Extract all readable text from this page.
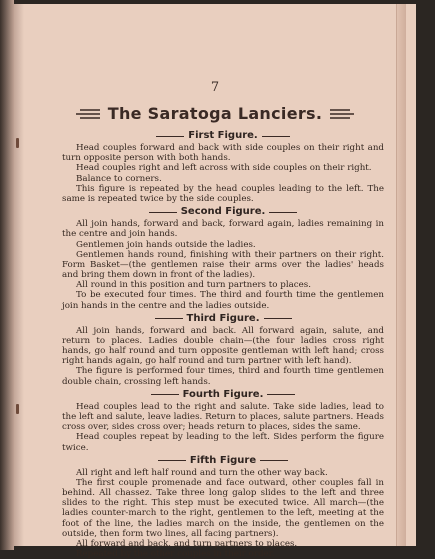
7
The Saratoga Lanciers.
First Figure.

Head couples forward and back with side couples on their right and turn opposite person with both hands.

Head couples right and left across with side couples on their right.

Balance to corners.

This figure is repeated by the head couples leading to the left. The same is repeated twice by the side couples.

Second Figure.

All join hands, forward and back, forward again, ladies remaining in the centre and join hands.

Gentlemen join hands outside the ladies.

Gentlemen hands round, finishing with their partners on their right. Form Basket—(the gentlemen raise their arms over the ladies' heads and bring them down in front of the ladies).

All round in this position and turn partners to places.

To be executed four times. The third and fourth time the gentlemen join hands in the centre and the ladies outside.

Third Figure.

All join hands, forward and back. All forward again, salute, and return to places. Ladies double chain—(the four ladies cross right hands, go half round and turn opposite gentleman with left hand; cross right hands again, go half round and turn partner with left hand).

The figure is performed four times, third and fourth time gentlemen double chain, crossing left hands.

Fourth Figure.

Head couples lead to the right and salute. Take side ladies, lead to the left and salute, leave ladies. Return to places, salute partners. Heads cross over, sides cross over; heads return to places, sides the same.

Head couples repeat by leading to the left. Sides perform the figure twice.

Fifth Figure

All right and left half round and turn the other way back.

The first couple promenade and face outward, other couples fall in behind. All chassez. Take three long galop slides to the left and three slides to the right. This step must be executed twice. All march—(the ladies counter-march to the right, gentlemen to the left, meeting at the foot of the line, the ladies march on the inside, the gentlemen on the outside, then form two lines, all facing partners).

All forward and back, and turn partners to places.

Repeated by the other couples in their order.
